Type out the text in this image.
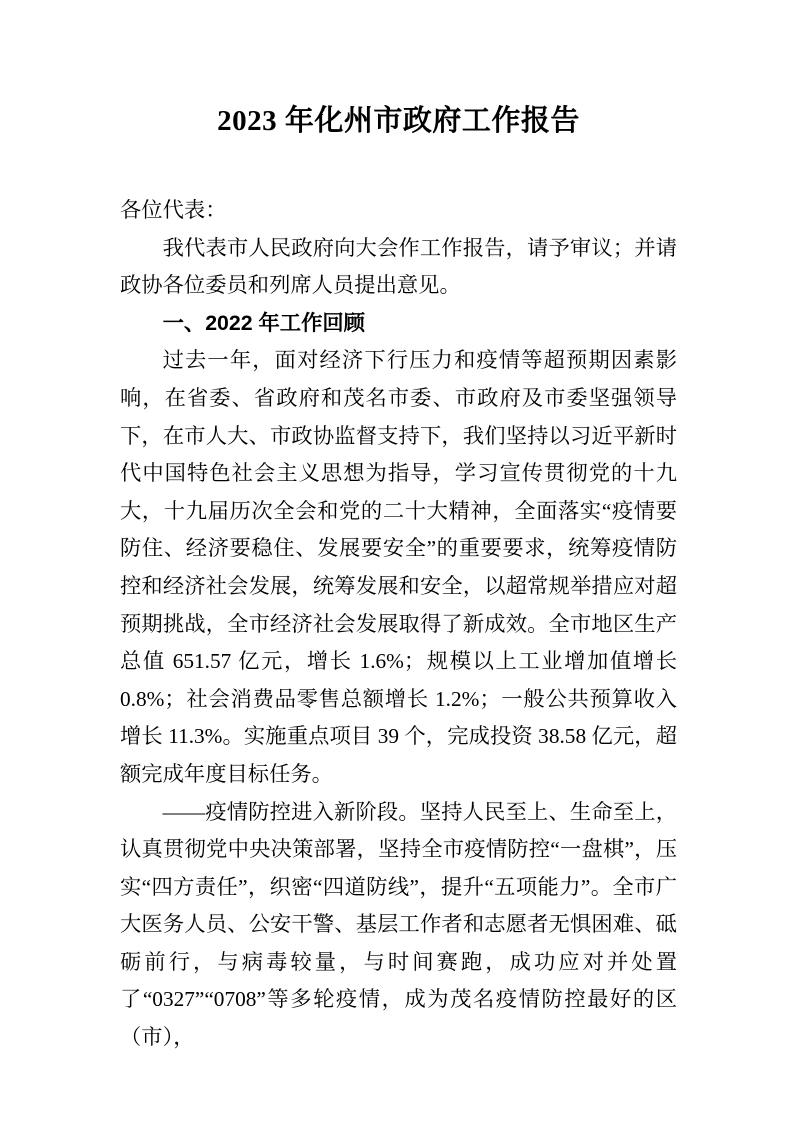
2023 年化州市政府工作报告

各位代表：

我代表市人民政府向大会作工作报告，请予审议；并请政协各位委员和列席人员提出意见。

一、2022 年工作回顾

过去一年，面对经济下行压力和疫情等超预期因素影响，在省委、省政府和茂名市委、市政府及市委坚强领导下，在市人大、市政协监督支持下，我们坚持以习近平新时代中国特色社会主义思想为指导，学习宣传贯彻党的十九大，十九届历次全会和党的二十大精神，全面落实“疫情要防住、经济要稳住、发展要安全”的重要要求，统筹疫情防控和经济社会发展，统筹发展和安全，以超常规举措应对超预期挑战，全市经济社会发展取得了新成效。全市地区生产总值 651.57 亿元，增长 1.6%；规模以上工业增加值增长 0.8%；社会消费品零售总额增长 1.2%；一般公共预算收入增长 11.3%。实施重点项目 39 个，完成投资 38.58 亿元，超额完成年度目标任务。

——疫情防控进入新阶段。坚持人民至上、生命至上，认真贯彻党中央决策部署，坚持全市疫情防控“一盘棋”，压实“四方责任”，织密“四道防线”，提升“五项能力”。全市广大医务人员、公安干警、基层工作者和志愿者无惧困难、砥砺前行，与病毒较量，与时间赛跑，成功应对并处置了“0327”“0708”等多轮疫情，成为茂名疫情防控最好的区（市），
